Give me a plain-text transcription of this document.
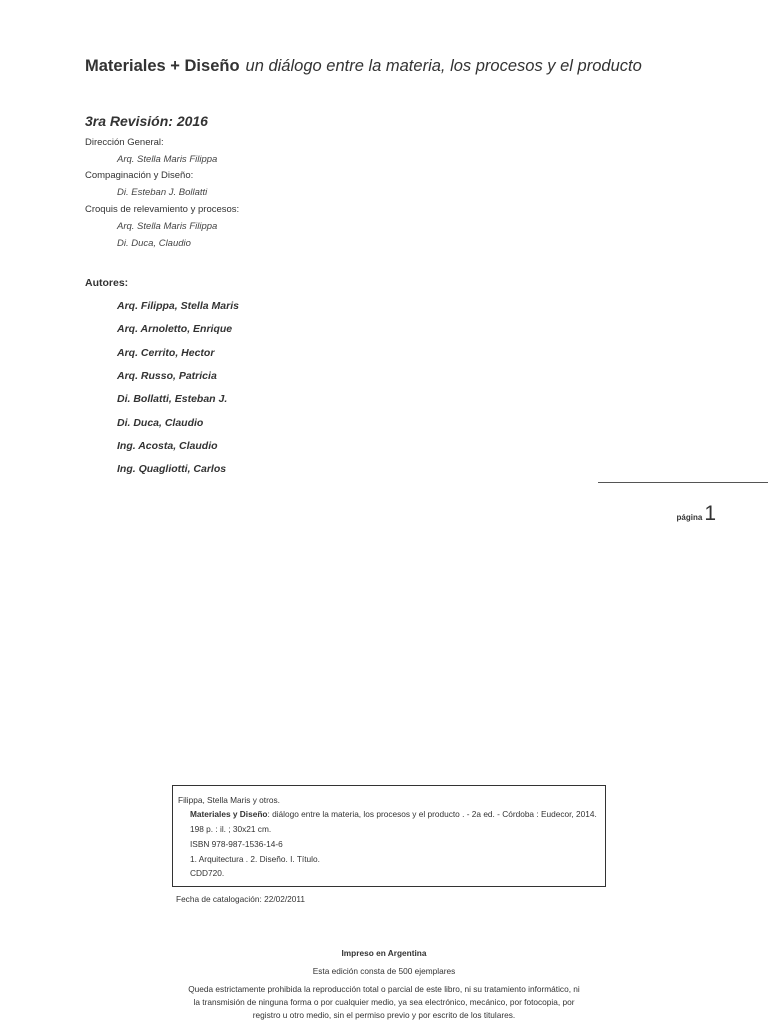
Materiales + Diseño un diálogo entre la materia, los procesos y el producto
3ra Revisión: 2016
Dirección General:
Arq. Stella Maris Filippa
Compaginación y Diseño:
Di. Esteban J. Bollatti
Croquis de relevamiento y procesos:
Arq. Stella Maris Filippa
Di. Duca, Claudio
Autores:
Arq. Filippa, Stella Maris
Arq. Arnoletto, Enrique
Arq. Cerrito, Hector
Arq. Russo, Patricia
Di. Bollatti, Esteban J.
Di. Duca, Claudio
Ing. Acosta, Claudio
Ing. Quagliotti, Carlos
página1
Filippa, Stella Maris y otros.
Materiales y Diseño: diálogo entre la materia, los procesos y el producto . - 2a ed. - Córdoba : Eudecor, 2014.
198 p. : il. ; 30x21 cm.
ISBN 978-987-1536-14-6
1. Arquitectura . 2. Diseño. I. Título.
CDD720.
Fecha de catalogación: 22/02/2011
Impreso en Argentina
Esta edición consta de 500 ejemplares
Queda estrictamente prohibida la reproducción total o parcial de este libro, ni su tratamiento informático, ni
la transmisión de ninguna forma o por cualquier medio, ya sea electrónico, mecánico, por fotocopia, por
registro u otro medio, sin el permiso previo y por escrito de los titulares.
